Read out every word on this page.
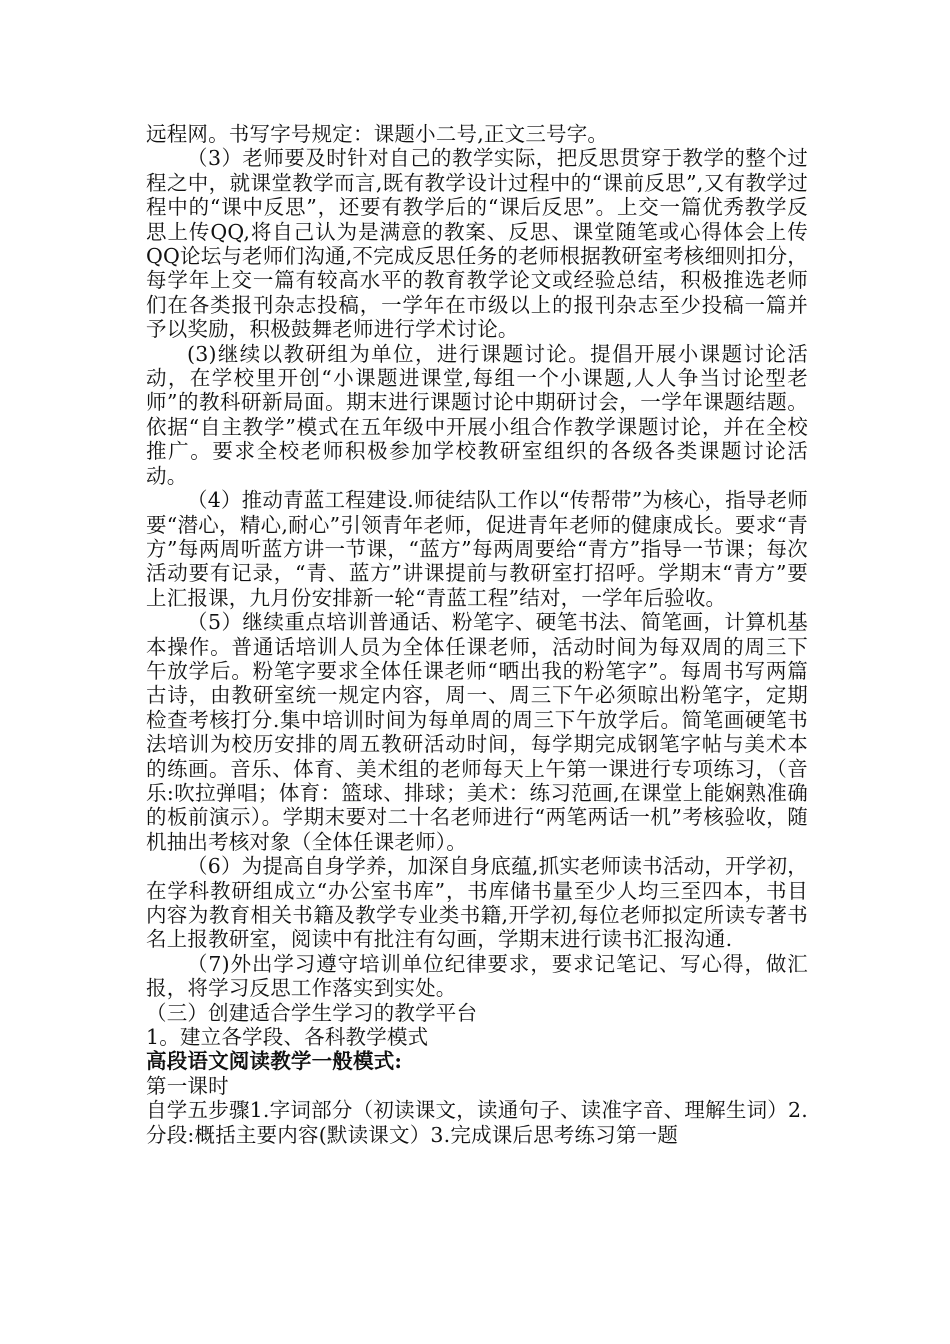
远程网。书写字号规定：课题小二号,正文三号字。

（3）老师要及时针对自己的教学实际，把反思贯穿于教学的整个过程之中，就课堂教学而言,既有教学设计过程中的“课前反思”,又有教学过程中的“课中反思”，还要有教学后的“课后反思”。上交一篇优秀教学反思上传QQ,将自己认为是满意的教案、反思、课堂随笔或心得体会上传QQ论坛与老师们沟通,不完成反思任务的老师根据教研室考核细则扣分，每学年上交一篇有较高水平的教育教学论文或经验总结，积极推选老师们在各类报刊杂志投稿，一学年在市级以上的报刊杂志至少投稿一篇并予以奖励，积极鼓舞老师进行学术讨论。

(3)继续以教研组为单位，进行课题讨论。提倡开展小课题讨论活动，在学校里开创“小课题进课堂,每组一个小课题,人人争当讨论型老师”的教科研新局面。期末进行课题讨论中期研讨会，一学年课题结题。依据“自主教学”模式在五年级中开展小组合作教学课题讨论，并在全校推广。要求全校老师积极参加学校教研室组织的各级各类课题讨论活动。

（4）推动青蓝工程建设.师徒结队工作以“传帮带”为核心，指导老师要“潜心，精心,耐心”引领青年老师，促进青年老师的健康成长。要求“青方”每两周听蓝方讲一节课，“蓝方”每两周要给“青方”指导一节课；每次活动要有记录，“青、蓝方”讲课提前与教研室打招呼。学期末“青方”要上汇报课，九月份安排新一轮“青蓝工程”结对，一学年后验收。

（5）继续重点培训普通话、粉笔字、硬笔书法、简笔画，计算机基本操作。普通话培训人员为全体任课老师，活动时间为每双周的周三下午放学后。粉笔字要求全体任课老师“晒出我的粉笔字”。每周书写两篇古诗，由教研室统一规定内容，周一、周三下午必须晾出粉笔字，定期检查考核打分.集中培训时间为每单周的周三下午放学后。简笔画硬笔书法培训为校历安排的周五教研活动时间，每学期完成钢笔字帖与美术本的练画。音乐、体育、美术组的老师每天上午第一课进行专项练习，（音乐:吹拉弹唱；体育：篮球、排球；美术：练习范画,在课堂上能娴熟准确的板前演示）。学期末要对二十名老师进行“两笔两话一机”考核验收，随机抽出考核对象（全体任课老师）。

（6）为提高自身学养，加深自身底蕴,抓实老师读书活动，开学初，在学科教研组成立“办公室书库”，书库储书量至少人均三至四本，书目内容为教育相关书籍及教学专业类书籍,开学初,每位老师拟定所读专著书名上报教研室，阅读中有批注有勾画，学期末进行读书汇报沟通.

（7)外出学习遵守培训单位纪律要求，要求记笔记、写心得，做汇报，将学习反思工作落实到实处。

（三）创建适合学生学习的教学平台

1。建立各学段、各科教学模式

高段语文阅读教学一般模式:

第一课时

自学五步骤1.字词部分（初读课文，读通句子、读准字音、理解生词）2.分段:概括主要内容(默读课文）3.完成课后思考练习第一题
